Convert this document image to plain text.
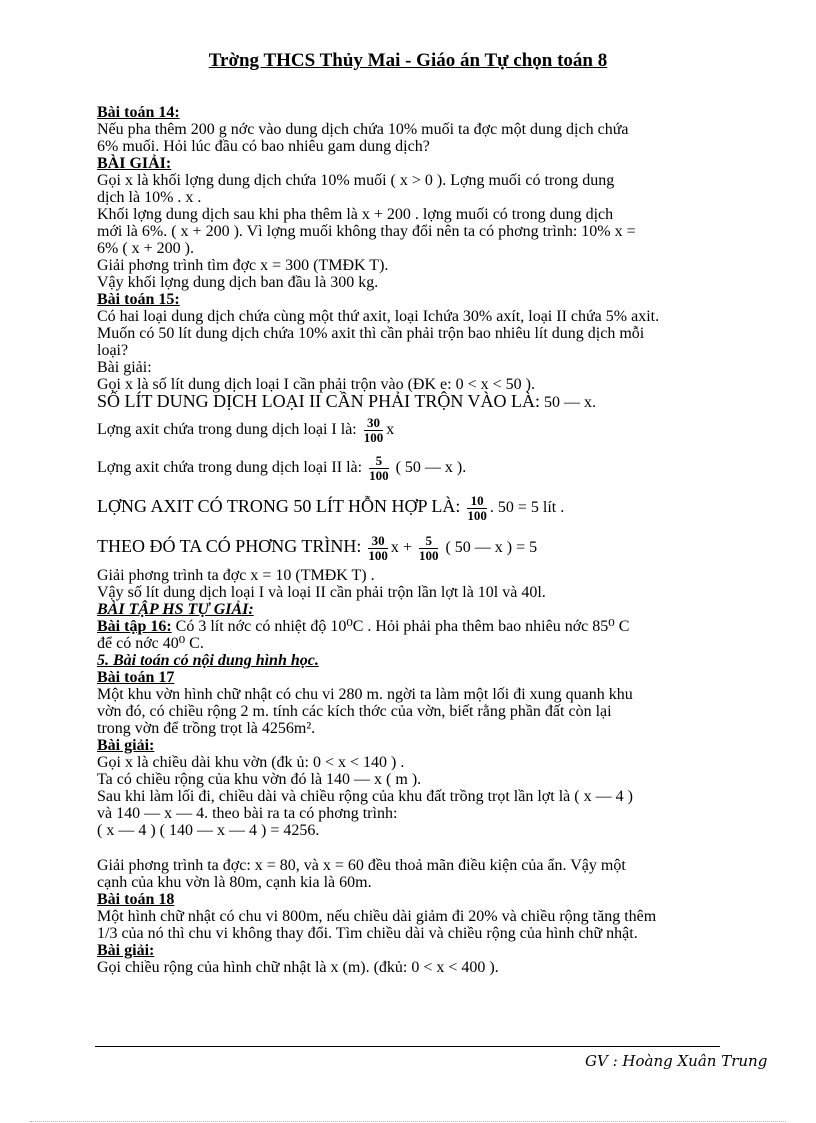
Trờng THCS Thủy Mai - Giáo án Tự chọn toán 8

Bài toán 14:

Nếu pha thêm 200 g nớc vào dung dịch chứa 10% muối ta đợc một dung dịch chứa

6% muối. Hỏi lúc đầu có bao nhiêu gam dung dịch?

BÀI GIẢI:

Gọi x là khối lợng dung dịch chứa 10% muối ( x > 0 ). Lợng muối có trong dung

dịch là 10% . x .

Khối lợng dung dịch sau khi pha thêm là x + 200 . lợng muối có trong dung dịch

mới là 6%. ( x + 200 ). Vì lợng muối không thay đổi nên ta có phơng trình: 10% x =

6% ( x + 200 ).

Giải phơng trình tìm đợc x = 300 (TMĐK T).

Vậy khối lợng dung dịch ban đầu là 300 kg.

Bài toán 15:

Có hai loại dung dịch chứa cùng một thứ axit, loại Ichứa 30% axít, loại II chứa 5% axit.

Muốn có 50 lít dung dịch chứa 10% axit thì cần phải trộn bao nhiêu lít dung dịch mỗi

loại?

Bài giải:

Gọi x là số lít dung dịch loại I cần phải trộn vào (ĐK e: 0 < x < 50 ).

SỐ LÍT DUNG DỊCH LOẠI II CẦN PHẢI TRỘN VÀO LÀ: 50 — x.

Lợng axit chứa trong dung dịch loại I là: $\frac{30}{100}$ x

Lợng axit chứa trong dung dịch loại II là: $\frac{5}{100}$ ( 50 — x ).

LỢNG AXIT CÓ TRONG 50 LÍT HỖN HỢP LÀ: $\frac{10}{100}$ . 50 = 5 lít .

THEO ĐÓ TA CÓ PHƠNG TRÌNH: $\frac{30}{100}$ $x + \frac{5}{100}$ ( 50 — x ) = 5

Giải phơng trình ta đợc x = 10 (TMĐK T) .

Vậy số lít dung dịch loại I và loại II cần phải trộn lần lợt là 10l và 40l.

BÀI TẬP HS TỰ GIẢI:

Bài tập 16: Có 3 lít nớc có nhiệt độ 10⁰C . Hỏi phải pha thêm bao nhiêu nớc 85⁰ C

để có nớc 40⁰ C.

5. Bài toán có nội dung hình học.

Bài toán 17

Một khu vờn hình chữ nhật có chu vi 280 m. ngời ta làm một lối đi xung quanh khu

vờn đó, có chiều rộng 2 m. tính các kích thớc của vờn, biết rằng phần đất còn lại

trong vờn để trồng trọt là 4256m².

Bài giải:

Gọi x là chiều dài khu vờn (đk ủ: 0 < x < 140 ) .

Ta có chiều rộng của khu vờn đó là 140 — x ( m ).

Sau khi làm lối đi, chiều dài và chiều rộng của khu đất trồng trọt lần lợt là ( x — 4 )

và 140 — x — 4. theo bài ra ta có phơng trình:

( x — 4 ) ( 140 — x — 4 ) = 4256.

Giải phơng trình ta đợc: x = 80, và x = 60 đều thoả mãn điều kiện của ẩn. Vậy một

cạnh của khu vờn là 80m, cạnh kia là 60m.

Bài toán 18

Một hình chữ nhật có chu vi 800m, nếu chiều dài giảm đi 20% và chiều rộng tăng thêm

1/3 của nó thì chu vi không thay đổi. Tìm chiều dài và chiều rộng của hình chữ nhật.

Bài giải:

Gọi chiều rộng của hình chữ nhật là x (m). (đkủ: 0 < x < 400 ).

GV : Hoàng Xuân Trung
